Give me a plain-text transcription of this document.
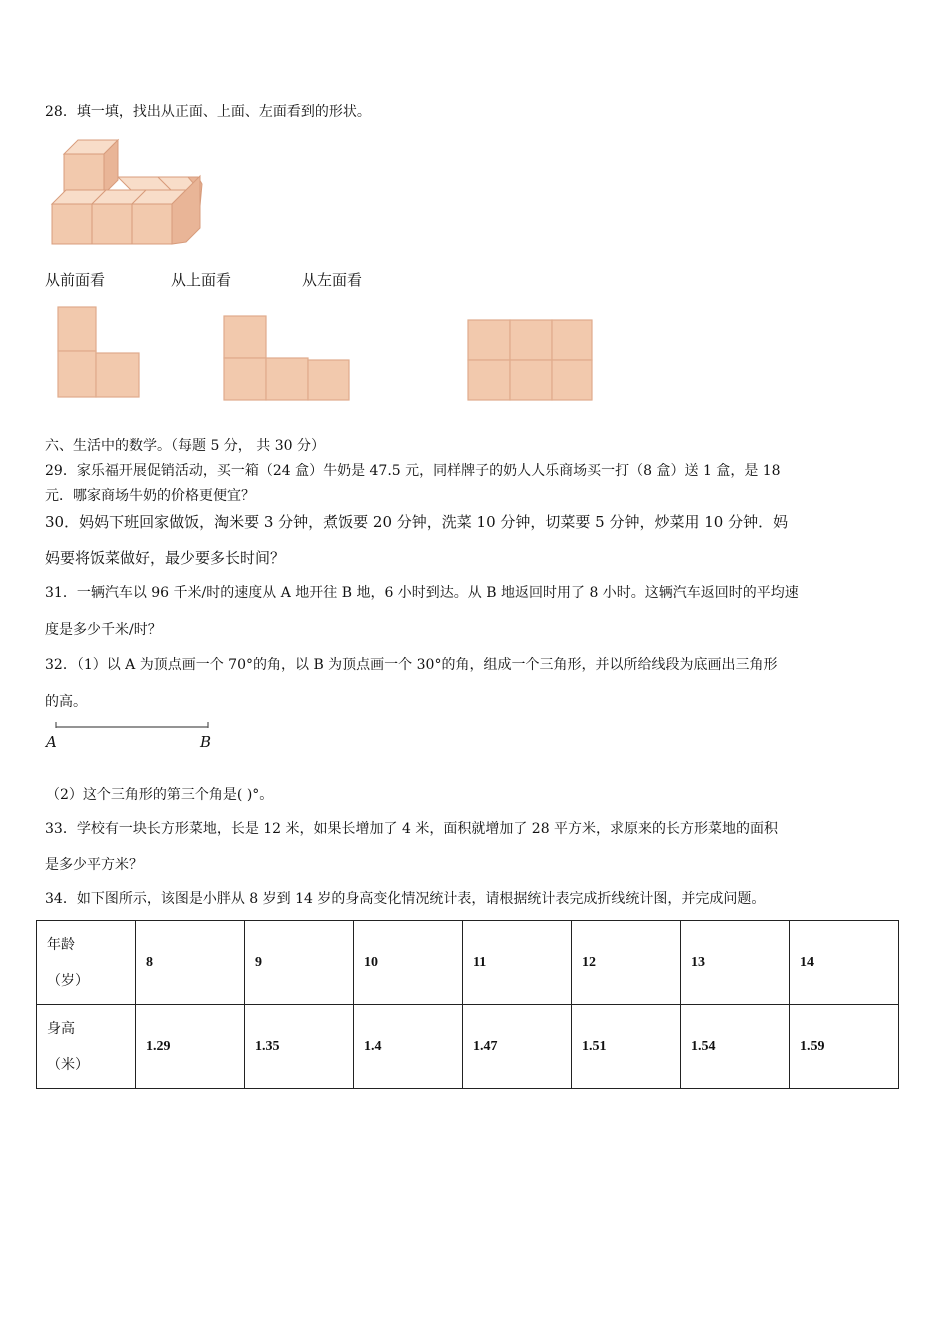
28．填一填，找出从正面、上面、左面看到的形状。
从前面看	从上面看	从左面看
六、生活中的数学。（每题 5 分， 共 30 分）
29．家乐福开展促销活动，买一箱（24 盒）牛奶是 47.5 元，同样牌子的奶人人乐商场买一打（8 盒）送 1 盒，是 18
元．哪家商场牛奶的价格更便宜？
30．妈妈下班回家做饭，淘米要 3 分钟，煮饭要 20 分钟，洗菜 10 分钟，切菜要 5 分钟，炒菜用 10 分钟．妈
妈要将饭菜做好，最少要多长时间？
31．一辆汽车以 96 千米/时的速度从 A 地开往 B 地，6 小时到达。从 B 地返回时用了 8 小时。这辆汽车返回时的平均速
度是多少千米/时？
32．（1）以 A 为顶点画一个 70°的角，以 B 为顶点画一个 30°的角，组成一个三角形，并以所给线段为底画出三角形
的高。
A	B
（2）这个三角形的第三个角是( )°。
33．学校有一块长方形菜地，长是 12 米，如果长增加了 4 米，面积就增加了 28 平方米，求原来的长方形菜地的面积
是多少平方米？
34．如下图所示，该图是小胖从 8 岁到 14 岁的身高变化情况统计表，请根据统计表完成折线统计图，并完成问题。
年龄
（岁）	8	9	10	11	12	13	14

身高
（米）	1.29	1.35	1.4	1.47	1.51	1.54	1.59
